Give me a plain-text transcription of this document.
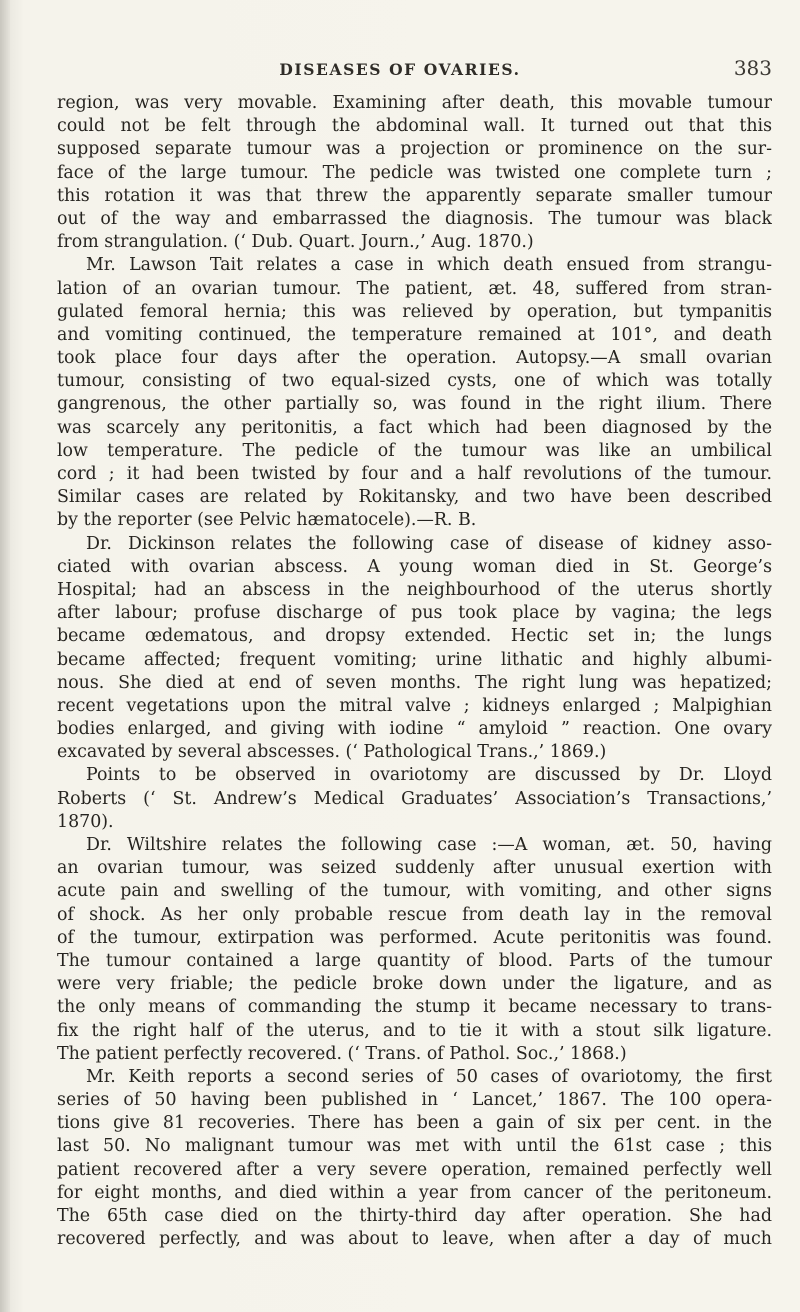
DISEASES OF OVARIES.	383
region, was very movable. Examining after death, this movable tumour
could not be felt through the abdominal wall. It turned out that this
supposed separate tumour was a projection or prominence on the sur-
face of the large tumour. The pedicle was twisted one complete turn ;
this rotation it was that threw the apparently separate smaller tumour
out of the way and embarrassed the diagnosis. The tumour was black
from strangulation. (‘ Dub. Quart. Journ.,’ Aug. 1870.)
Mr. Lawson Tait relates a case in which death ensued from strangu-
lation of an ovarian tumour. The patient, æt. 48, suffered from stran-
gulated femoral hernia; this was relieved by operation, but tympanitis
and vomiting continued, the temperature remained at 101°, and death
took place four days after the operation. Autopsy.—A small ovarian
tumour, consisting of two equal-sized cysts, one of which was totally
gangrenous, the other partially so, was found in the right ilium. There
was scarcely any peritonitis, a fact which had been diagnosed by the
low temperature. The pedicle of the tumour was like an umbilical
cord ; it had been twisted by four and a half revolutions of the tumour.
Similar cases are related by Rokitansky, and two have been described
by the reporter (see Pelvic hæmatocele).—R. B.
Dr. Dickinson relates the following case of disease of kidney asso-
ciated with ovarian abscess. A young woman died in St. George’s
Hospital; had an abscess in the neighbourhood of the uterus shortly
after labour; profuse discharge of pus took place by vagina; the legs
became œdematous, and dropsy extended. Hectic set in; the lungs
became affected; frequent vomiting; urine lithatic and highly albumi-
nous. She died at end of seven months. The right lung was hepatized;
recent vegetations upon the mitral valve ; kidneys enlarged ; Malpighian
bodies enlarged, and giving with iodine “ amyloid ” reaction. One ovary
excavated by several abscesses. (‘ Pathological Trans.,’ 1869.)
Points to be observed in ovariotomy are discussed by Dr. Lloyd
Roberts (‘ St. Andrew’s Medical Graduates’ Association’s Transactions,’
1870).
Dr. Wiltshire relates the following case :—A woman, æt. 50, having
an ovarian tumour, was seized suddenly after unusual exertion with
acute pain and swelling of the tumour, with vomiting, and other signs
of shock. As her only probable rescue from death lay in the removal
of the tumour, extirpation was performed. Acute peritonitis was found.
The tumour contained a large quantity of blood. Parts of the tumour
were very friable; the pedicle broke down under the ligature, and as
the only means of commanding the stump it became necessary to trans-
fix the right half of the uterus, and to tie it with a stout silk ligature.
The patient perfectly recovered. (‘ Trans. of Pathol. Soc.,’ 1868.)
Mr. Keith reports a second series of 50 cases of ovariotomy, the first
series of 50 having been published in ‘ Lancet,’ 1867. The 100 opera-
tions give 81 recoveries. There has been a gain of six per cent. in the
last 50. No malignant tumour was met with until the 61st case ; this
patient recovered after a very severe operation, remained perfectly well
for eight months, and died within a year from cancer of the peritoneum.
The 65th case died on the thirty-third day after operation. She had
recovered perfectly, and was about to leave, when after a day of much
